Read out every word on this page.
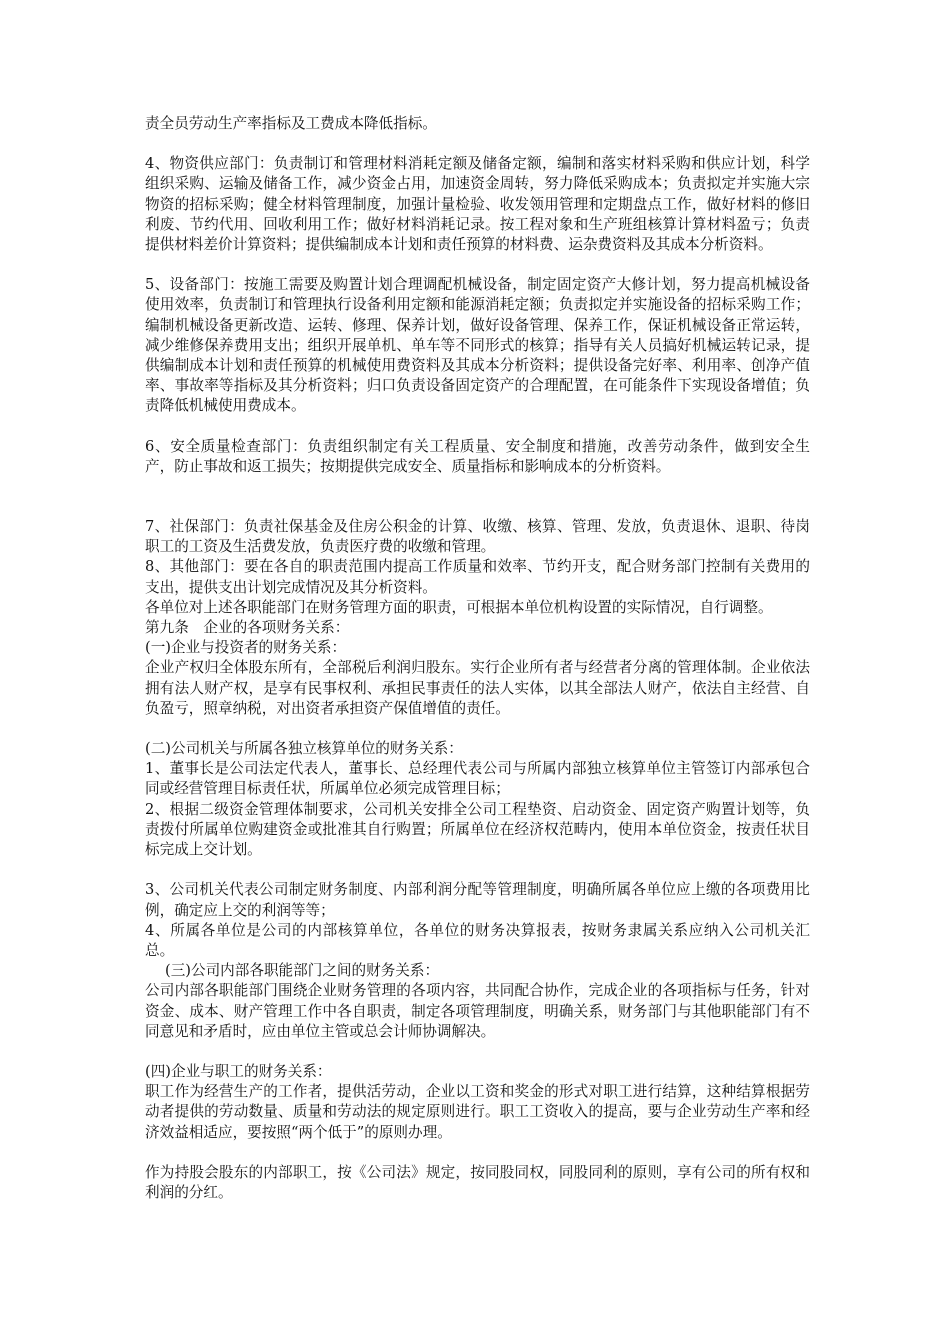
责全员劳动生产率指标及工费成本降低指标。

4、物资供应部门：负责制订和管理材料消耗定额及储备定额，编制和落实材料采购和供应计划，科学组织采购、运输及储备工作，减少资金占用，加速资金周转，努力降低采购成本；负责拟定并实施大宗物资的招标采购；健全材料管理制度，加强计量检验、收发领用管理和定期盘点工作，做好材料的修旧利废、节约代用、回收利用工作；做好材料消耗记录。按工程对象和生产班组核算计算材料盈亏；负责提供材料差价计算资料；提供编制成本计划和责任预算的材料费、运杂费资料及其成本分析资料。

5、设备部门：按施工需要及购置计划合理调配机械设备，制定固定资产大修计划，努力提高机械设备使用效率，负责制订和管理执行设备利用定额和能源消耗定额；负责拟定并实施设备的招标采购工作；编制机械设备更新改造、运转、修理、保养计划，做好设备管理、保养工作，保证机械设备正常运转，减少维修保养费用支出；组织开展单机、单车等不同形式的核算；指导有关人员搞好机械运转记录，提供编制成本计划和责任预算的机械使用费资料及其成本分析资料；提供设备完好率、利用率、创净产值率、事故率等指标及其分析资料；归口负责设备固定资产的合理配置，在可能条件下实现设备增值；负责降低机械使用费成本。

6、安全质量检查部门：负责组织制定有关工程质量、安全制度和措施，改善劳动条件，做到安全生产，防止事故和返工损失；按期提供完成安全、质量指标和影响成本的分析资料。

7、社保部门：负责社保基金及住房公积金的计算、收缴、核算、管理、发放，负责退休、退职、待岗职工的工资及生活费发放，负责医疗费的收缴和管理。

8、其他部门：要在各自的职责范围内提高工作质量和效率、节约开支，配合财务部门控制有关费用的支出，提供支出计划完成情况及其分析资料。

各单位对上述各职能部门在财务管理方面的职责，可根据本单位机构设置的实际情况，自行调整。

第九条　企业的各项财务关系：

(一)企业与投资者的财务关系：

企业产权归全体股东所有，全部税后利润归股东。实行企业所有者与经营者分离的管理体制。企业依法拥有法人财产权，是享有民事权利、承担民事责任的法人实体，以其全部法人财产，依法自主经营、自负盈亏，照章纳税，对出资者承担资产保值增值的责任。

(二)公司机关与所属各独立核算单位的财务关系：

1、董事长是公司法定代表人，董事长、总经理代表公司与所属内部独立核算单位主管签订内部承包合同或经营管理目标责任状，所属单位必须完成管理目标；

2、根据二级资金管理体制要求，公司机关安排全公司工程垫资、启动资金、固定资产购置计划等，负责拨付所属单位购建资金或批准其自行购置；所属单位在经济权范畴内，使用本单位资金，按责任状目标完成上交计划。

3、公司机关代表公司制定财务制度、内部利润分配等管理制度，明确所属各单位应上缴的各项费用比例，确定应上交的利润等等；

4、所属各单位是公司的内部核算单位，各单位的财务决算报表，按财务隶属关系应纳入公司机关汇总。

(三)公司内部各职能部门之间的财务关系：

公司内部各职能部门围绕企业财务管理的各项内容，共同配合协作，完成企业的各项指标与任务，针对资金、成本、财产管理工作中各自职责，制定各项管理制度，明确关系，财务部门与其他职能部门有不同意见和矛盾时，应由单位主管或总会计师协调解决。

(四)企业与职工的财务关系：

职工作为经营生产的工作者，提供活劳动，企业以工资和奖金的形式对职工进行结算，这种结算根据劳动者提供的劳动数量、质量和劳动法的规定原则进行。职工工资收入的提高，要与企业劳动生产率和经济效益相适应，要按照“两个低于”的原则办理。

作为持股会股东的内部职工，按《公司法》规定，按同股同权，同股同利的原则，享有公司的所有权和利润的分红。
